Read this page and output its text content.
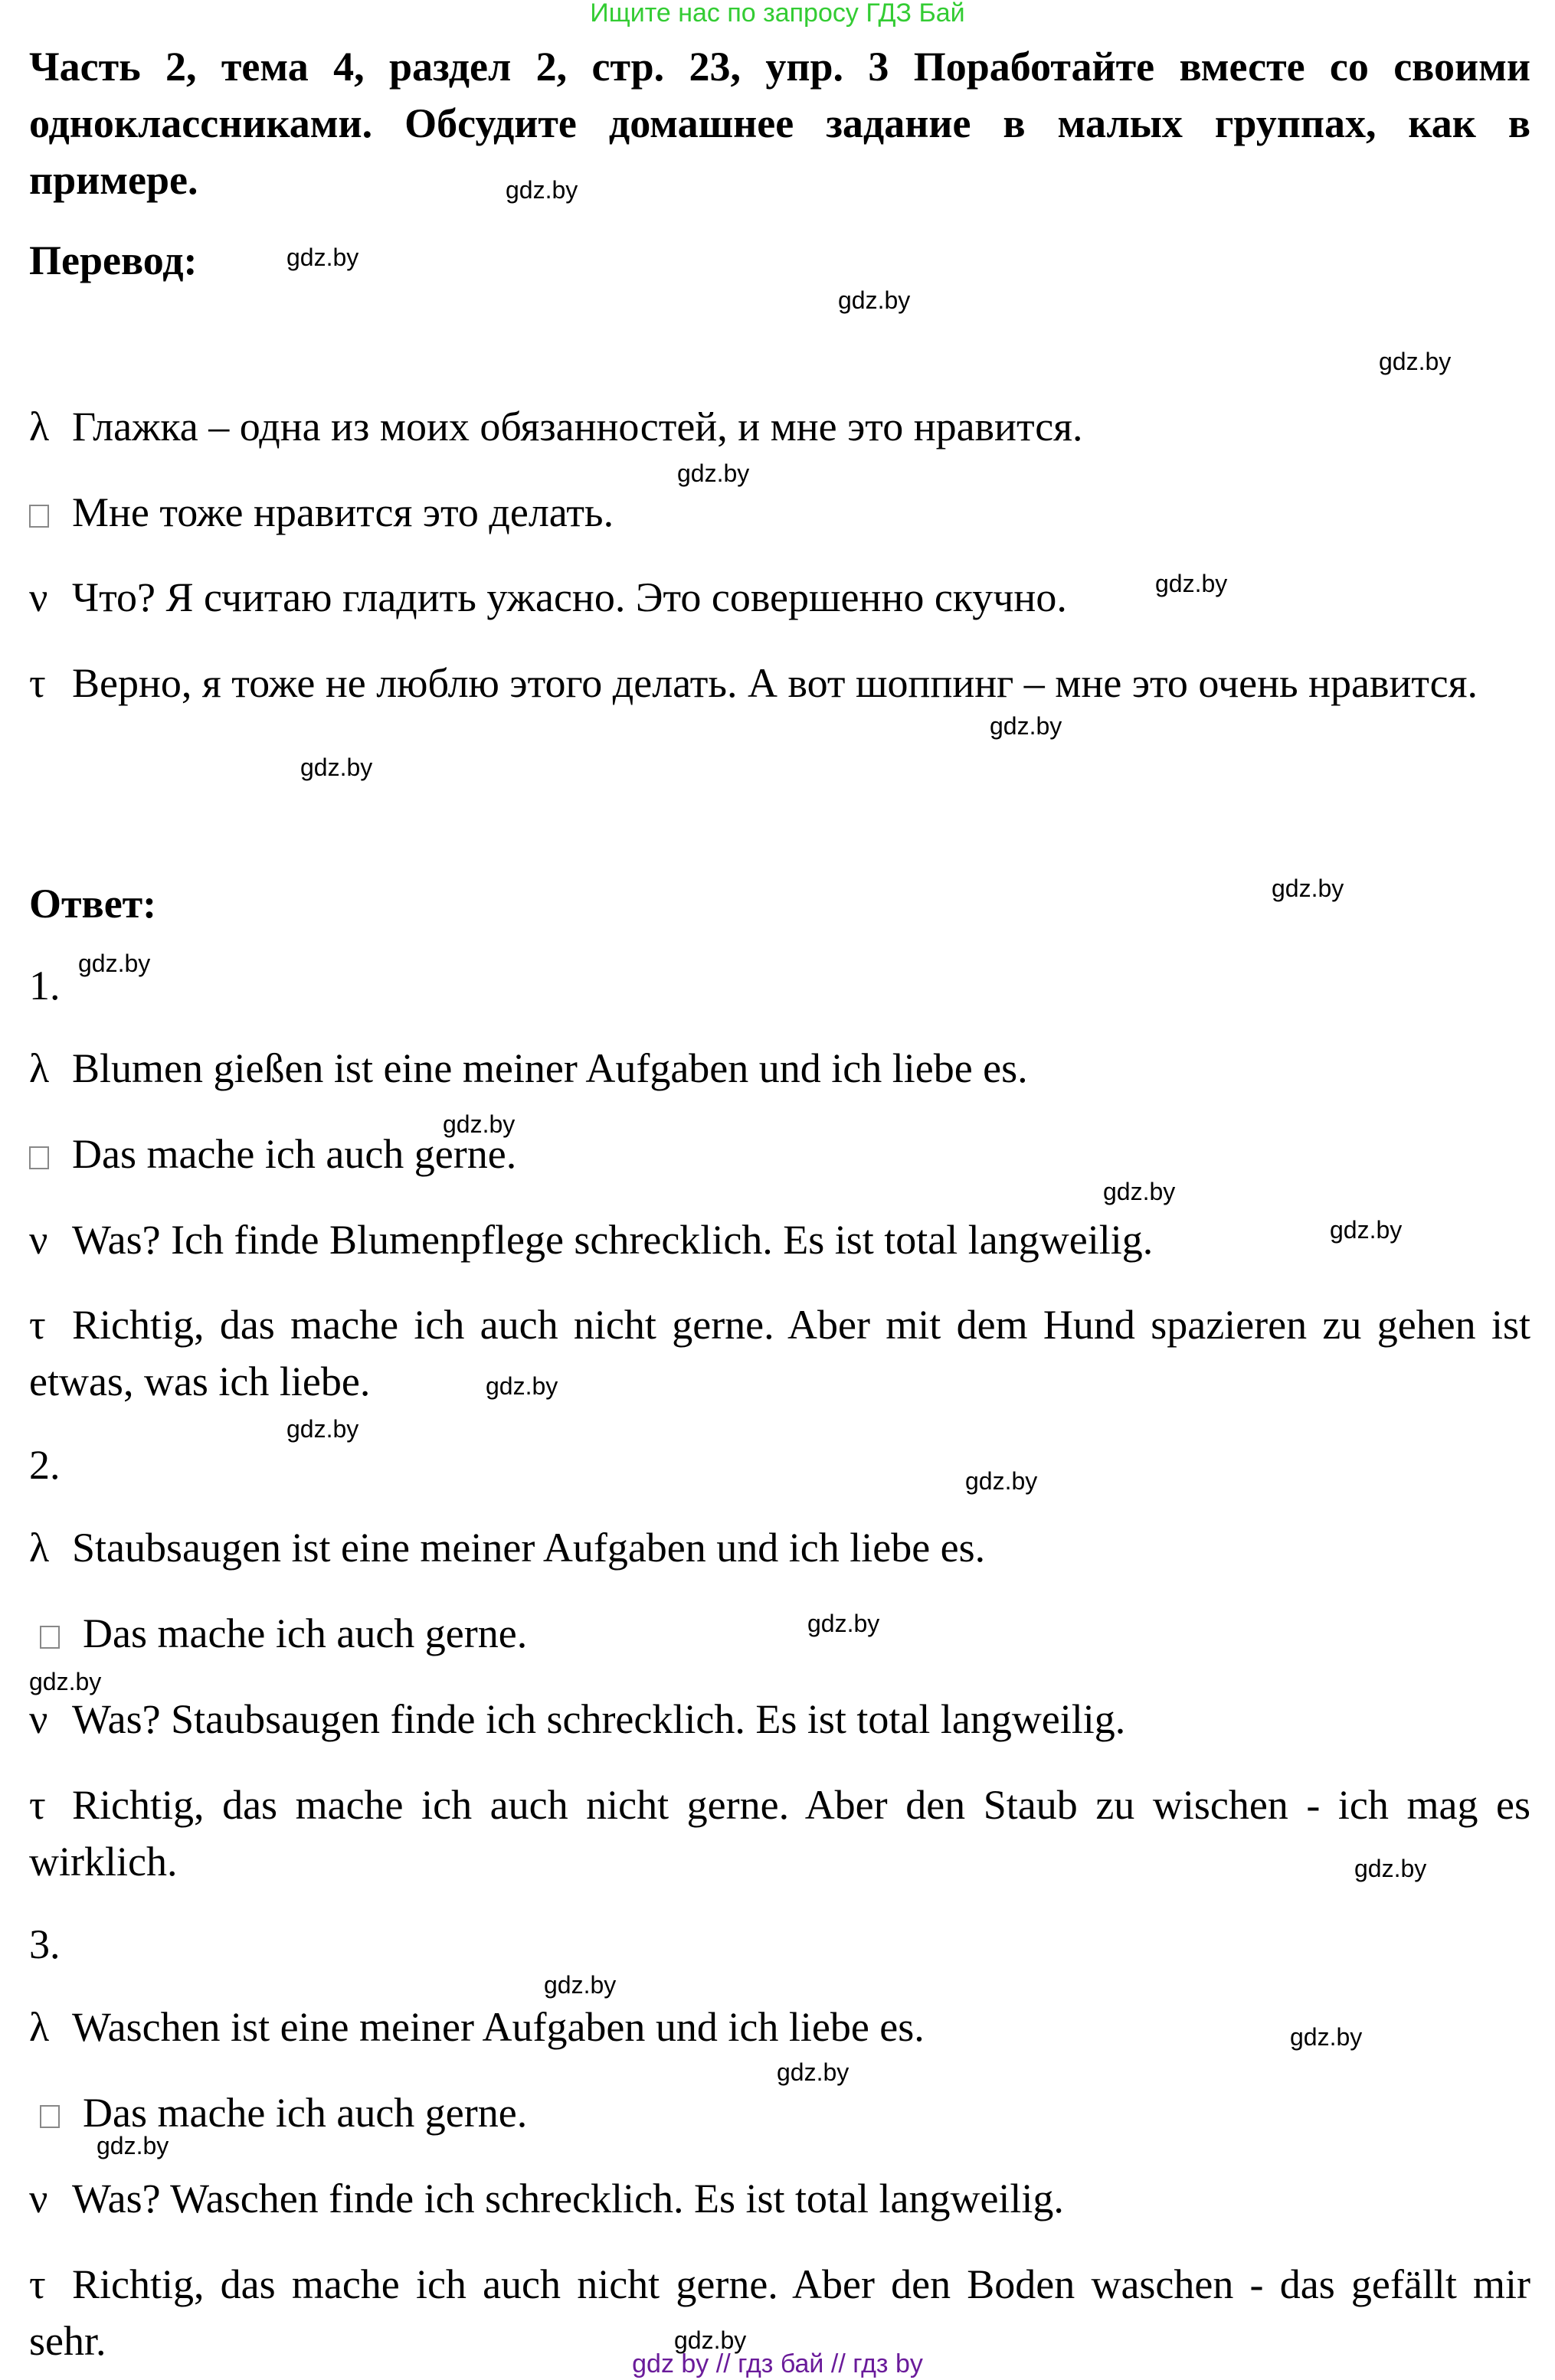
Ищите нас по запросу ГДЗ Бай
Часть 2, тема 4, раздел 2, стр. 23, упр. 3 Поработайте вместе со своими одноклассниками. Обсудите домашнее задание в малых группах, как в примере.
Перевод:
λ Глажка – одна из моих обязанностей, и мне это нравится.
Мне тоже нравится это делать.
ν Что? Я считаю гладить ужасно. Это совершенно скучно.
τ Верно, я тоже не люблю этого делать. А вот шоппинг – мне это очень нравится.
Ответ:
1.
λ Blumen gießen ist eine meiner Aufgaben und ich liebe es.
Das mache ich auch gerne.
ν Was? Ich finde Blumenpflege schrecklich. Es ist total langweilig.
τ Richtig, das mache ich auch nicht gerne. Aber mit dem Hund spazieren zu gehen ist etwas, was ich liebe.
2.
λ Staubsaugen ist eine meiner Aufgaben und ich liebe es.
Das mache ich auch gerne.
ν Was? Staubsaugen finde ich schrecklich. Es ist total langweilig.
τ Richtig, das mache ich auch nicht gerne. Aber den Staub zu wischen - ich mag es wirklich.
3.
λ Waschen ist eine meiner Aufgaben und ich liebe es.
Das mache ich auch gerne.
ν Was? Waschen finde ich schrecklich. Es ist total langweilig.
τ Richtig, das mache ich auch nicht gerne. Aber den Boden waschen - das gefällt mir sehr.
gdz.by
gdz.by
gdz.by
gdz.by
gdz.by
gdz.by
gdz.by
gdz.by
gdz.by
gdz.by
gdz.by
gdz.by
gdz.by
gdz.by
gdz.by
gdz.by
gdz.by
gdz.by
gdz.by
gdz.by
gdz.by
gdz.by
gdz.by
gdz.by
gdz by // гдз бай // гдз by
